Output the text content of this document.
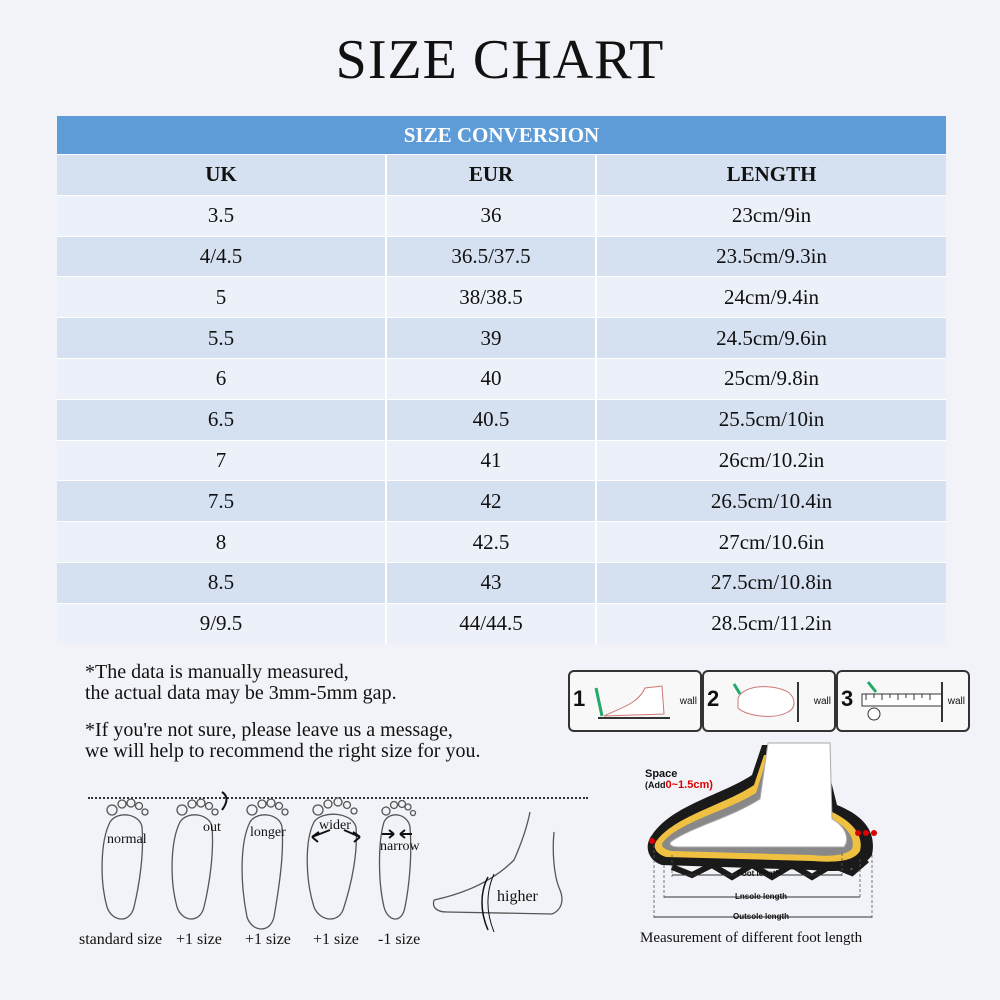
SIZE CHART
SIZE CONVERSION
UK	EUR	LENGTH
3.5	36	23cm/9in
4/4.5	36.5/37.5	23.5cm/9.3in
5	38/38.5	24cm/9.4in
5.5	39	24.5cm/9.6in
6	40	25cm/9.8in
6.5	40.5	25.5cm/10in
7	41	26cm/10.2in
7.5	42	26.5cm/10.4in
8	42.5	27cm/10.6in
8.5	43	27.5cm/10.8in
9/9.5	44/44.5	28.5cm/11.2in

*The data is manually measured,
the actual data may be 3mm-5mm gap.

*If you're not sure, please leave us a message,
we will help to recommend the right size for you.

normal
out longer wider
narrow
higher
standard size +1 size +1 size +1 size -1 size
1	wall 2	wall 3	wall
Space
(Add0~1.5cm)
Foot length
Lnsole length
Outsole length
Measurement of different foot length
